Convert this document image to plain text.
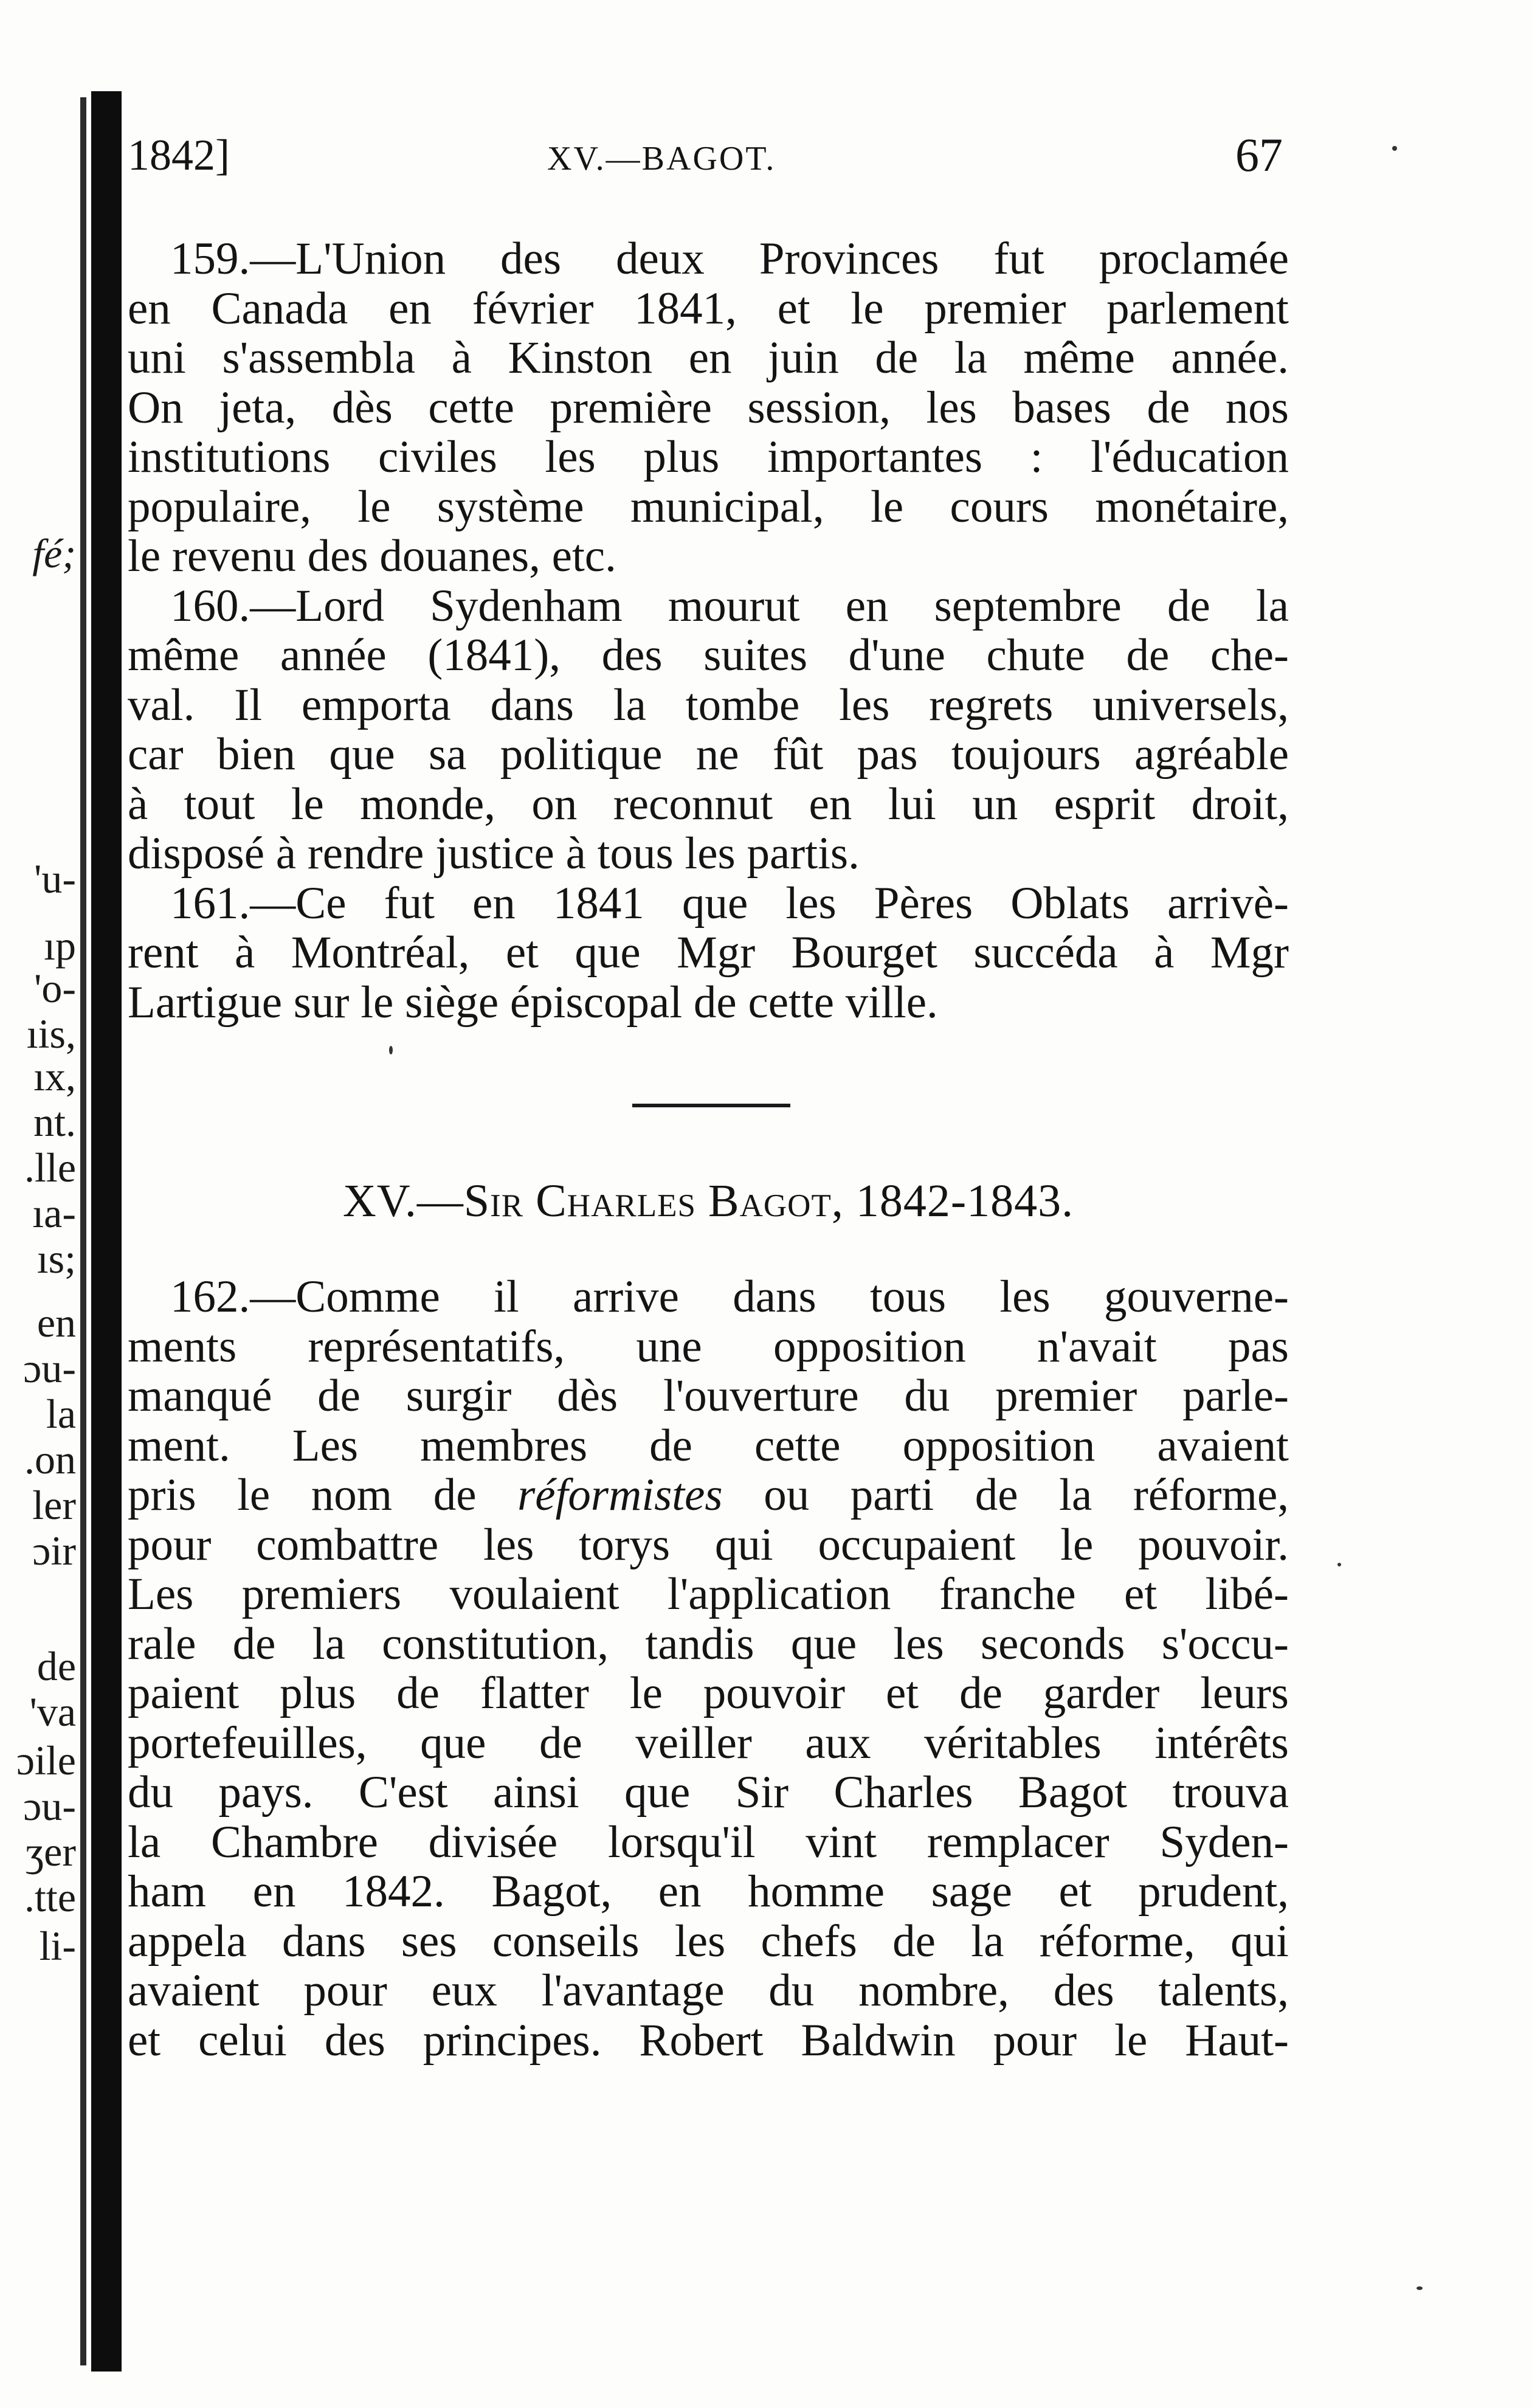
fé;
'u-
ıp
'o-
ıis,
ıx,
nt.
.lle
ıa-
ıs;
en
ɔu-
la
.on
ler
ɔir
de
'va
ɔile
ɔu-
ʒer
.tte
li-
1842]	XV.—BAGOT.	67
159.—L'Union des deux Provinces fut proclamée
en Canada en février 1841, et le premier parlement
uni s'assembla à Kinston en juin de la même année.
On jeta, dès cette première session, les bases de nos
institutions civiles les plus importantes : l'éducation
populaire, le système municipal, le cours monétaire,
le revenu des douanes, etc.
160.—Lord Sydenham mourut en septembre de la
même année (1841), des suites d'une chute de che-
val. Il emporta dans la tombe les regrets universels,
car bien que sa politique ne fût pas toujours agréable
à tout le monde, on reconnut en lui un esprit droit,
disposé à rendre justice à tous les partis.
161.—Ce fut en 1841 que les Pères Oblats arrivè-
rent à Montréal, et que Mgr Bourget succéda à Mgr
Lartigue sur le siège épiscopal de cette ville.
XV.—Sir Charles Bagot, 1842-1843.
162.—Comme il arrive dans tous les gouverne-
ments représentatifs, une opposition n'avait pas
manqué de surgir dès l'ouverture du premier parle-
ment. Les membres de cette opposition avaient
pris le nom de réformistes ou parti de la réforme,
pour combattre les torys qui occupaient le pouvoir.
Les premiers voulaient l'application franche et libé-
rale de la constitution, tandis que les seconds s'occu-
paient plus de flatter le pouvoir et de garder leurs
portefeuilles, que de veiller aux véritables intérêts
du pays. C'est ainsi que Sir Charles Bagot trouva
la Chambre divisée lorsqu'il vint remplacer Syden-
ham en 1842. Bagot, en homme sage et prudent,
appela dans ses conseils les chefs de la réforme, qui
avaient pour eux l'avantage du nombre, des talents,
et celui des principes. Robert Baldwin pour le Haut-
